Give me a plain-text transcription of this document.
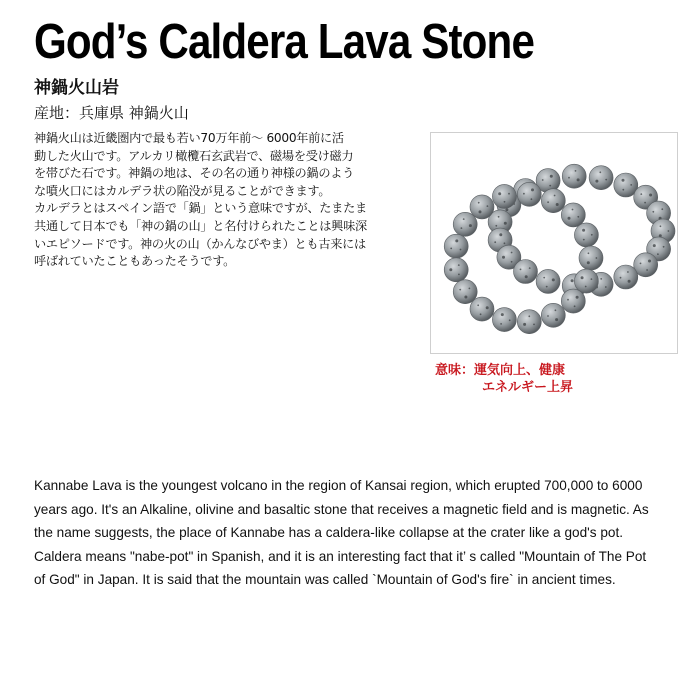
God’s Caldera Lava Stone
神鍋火山岩
産地：兵庫県 神鍋火山

神鍋火山は近畿圏内で最も若い70万年前～ 6000年前に活

動した火山です。アルカリ橄欖石玄武岩で、磁場を受け磁力

を帯びた石です。神鍋の地は、その名の通り神様の鍋のよう

な噴火口にはカルデラ状の陥没が見ることができます。

カルデラとはスペイン語で「鍋」という意味ですが、たまたま

共通して日本でも「神の鍋の山」と名付けられたことは興味深

いエピソードです。神の火の山（かんなびやま）とも古来には

呼ばれていたこともあったそうです。

意味：運気向上、健康
エネルギー上昇

Kannabe Lava is the youngest volcano in the region of Kansai region, which erupted 700,000 to 6000

years ago. It's an Alkaline, olivine and basaltic stone that receives a magnetic field and is magnetic. As

the name suggests, the place of Kannabe has a caldera-like collapse at the crater like a god's pot.

Caldera means "nabe-pot" in Spanish, and it is an interesting fact that it’ s called "Mountain of The Pot

of God" in Japan. It is said that the mountain was called `Mountain of God's fire` in ancient times.
